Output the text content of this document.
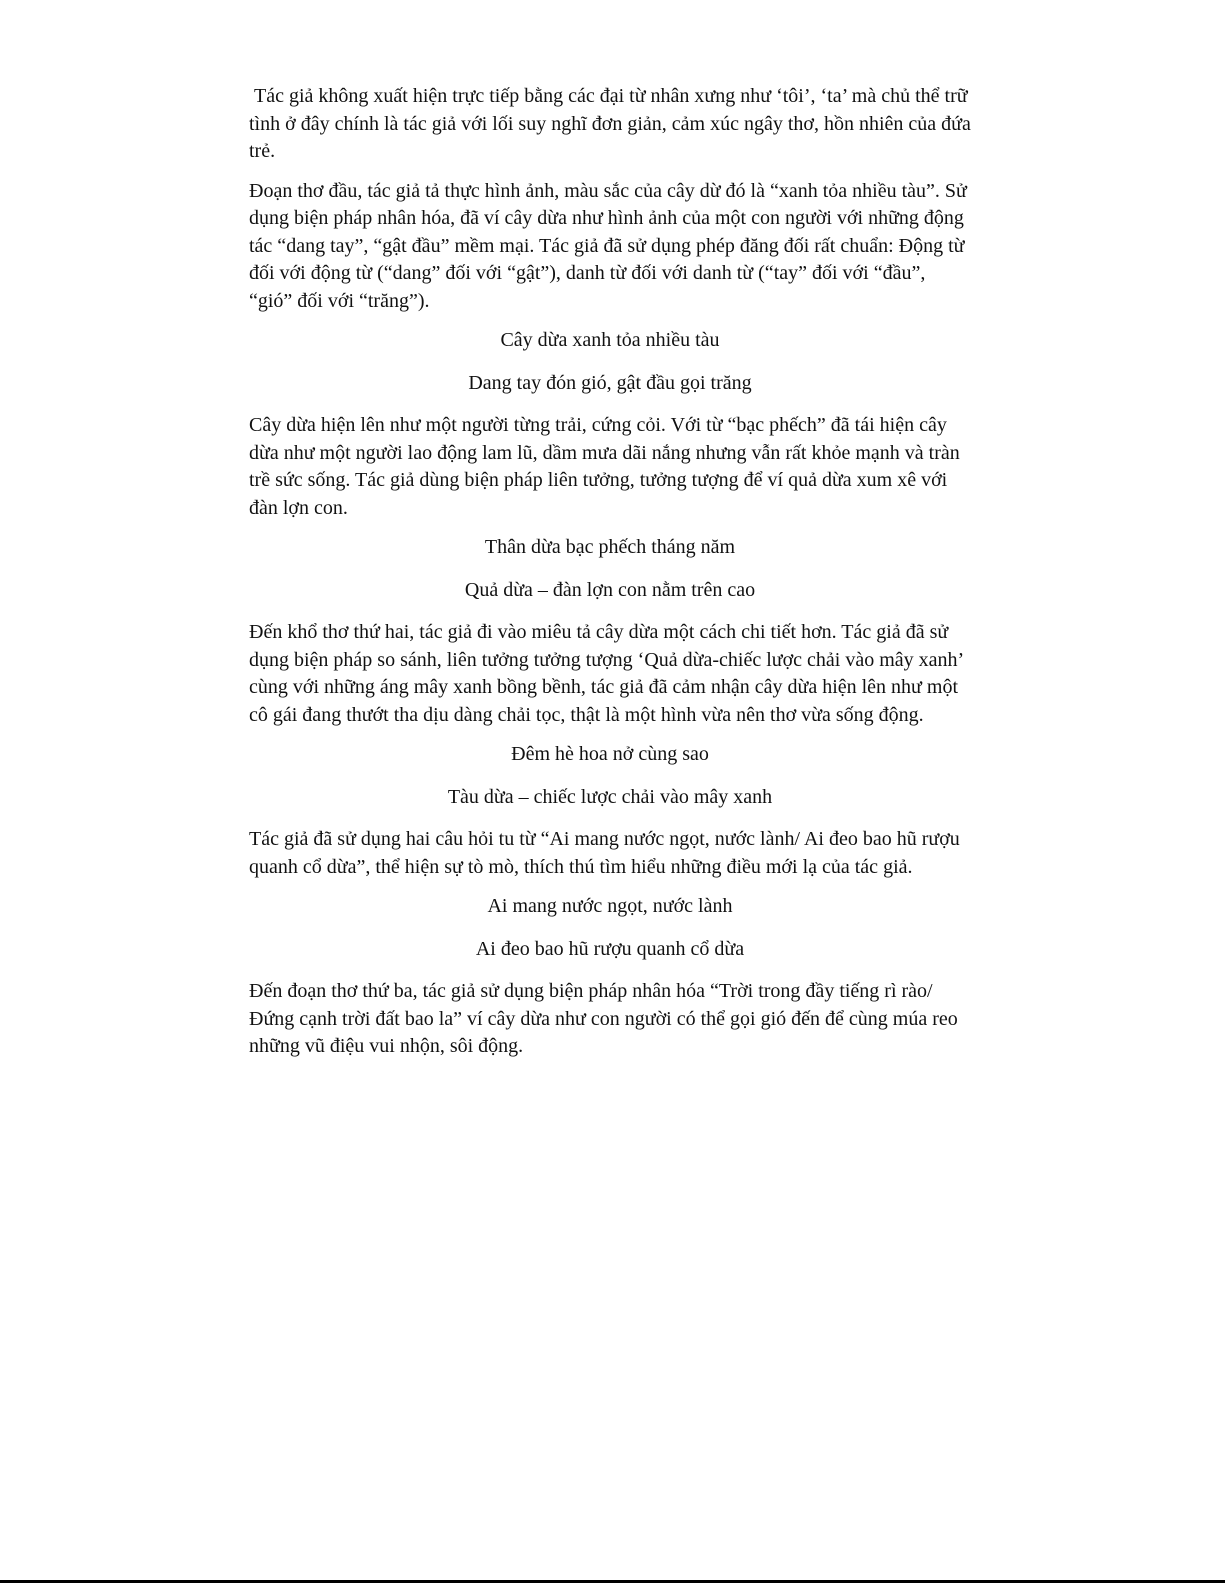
Tác giả không xuất hiện trực tiếp bằng các đại từ nhân xưng như ‘tôi’, ‘ta’ mà chủ thể trữ tình ở đây chính là tác giả với lối suy nghĩ đơn giản, cảm xúc ngây thơ, hồn nhiên của đứa trẻ.

Đoạn thơ đầu, tác giả tả thực hình ảnh, màu sắc của cây dừ đó là “xanh tỏa nhiều tàu”. Sử dụng biện pháp nhân hóa, đã ví cây dừa như hình ảnh của một con người với những động tác “dang tay”, “gật đầu” mềm mại. Tác giả đã sử dụng phép đăng đối rất chuẩn: Động từ đối với động từ (“dang” đối với “gật”), danh từ đối với danh từ (“tay” đối với “đầu”, “gió” đối với “trăng”).

Cây dừa xanh tỏa nhiều tàu

Dang tay đón gió, gật đầu gọi trăng

Cây dừa hiện lên như một người từng trải, cứng cỏi. Với từ “bạc phếch” đã tái hiện cây dừa như một người lao động lam lũ, dầm mưa dãi nắng nhưng vẫn rất khỏe mạnh và tràn trề sức sống. Tác giả dùng biện pháp liên tưởng, tưởng tượng để ví quả dừa xum xê với đàn lợn con.

Thân dừa bạc phếch tháng năm

Quả dừa – đàn lợn con nằm trên cao

Đến khổ thơ thứ hai, tác giả đi vào miêu tả cây dừa một cách chi tiết hơn. Tác giả đã sử dụng biện pháp so sánh, liên tưởng tưởng tượng ‘Quả dừa-chiếc lược chải vào mây xanh’ cùng với những áng mây xanh bồng bềnh, tác giả đã cảm nhận cây dừa hiện lên như một cô gái đang thướt tha dịu dàng chải tọc, thật là một hình vừa nên thơ vừa sống động.

Đêm hè hoa nở cùng sao

Tàu dừa – chiếc lược chải vào mây xanh

Tác giả đã sử dụng hai câu hỏi tu từ “Ai mang nước ngọt, nước lành/ Ai đeo bao hũ rượu quanh cổ dừa”, thể hiện sự tò mò, thích thú tìm hiểu những điều mới lạ của tác giả.

Ai mang nước ngọt, nước lành

Ai đeo bao hũ rượu quanh cổ dừa

Đến đoạn thơ thứ ba, tác giả sử dụng biện pháp nhân hóa “Trời trong đầy tiếng rì rào/ Đứng cạnh trời đất bao la” ví cây dừa như con người có thể gọi gió đến để cùng múa reo những vũ điệu vui nhộn, sôi động.
